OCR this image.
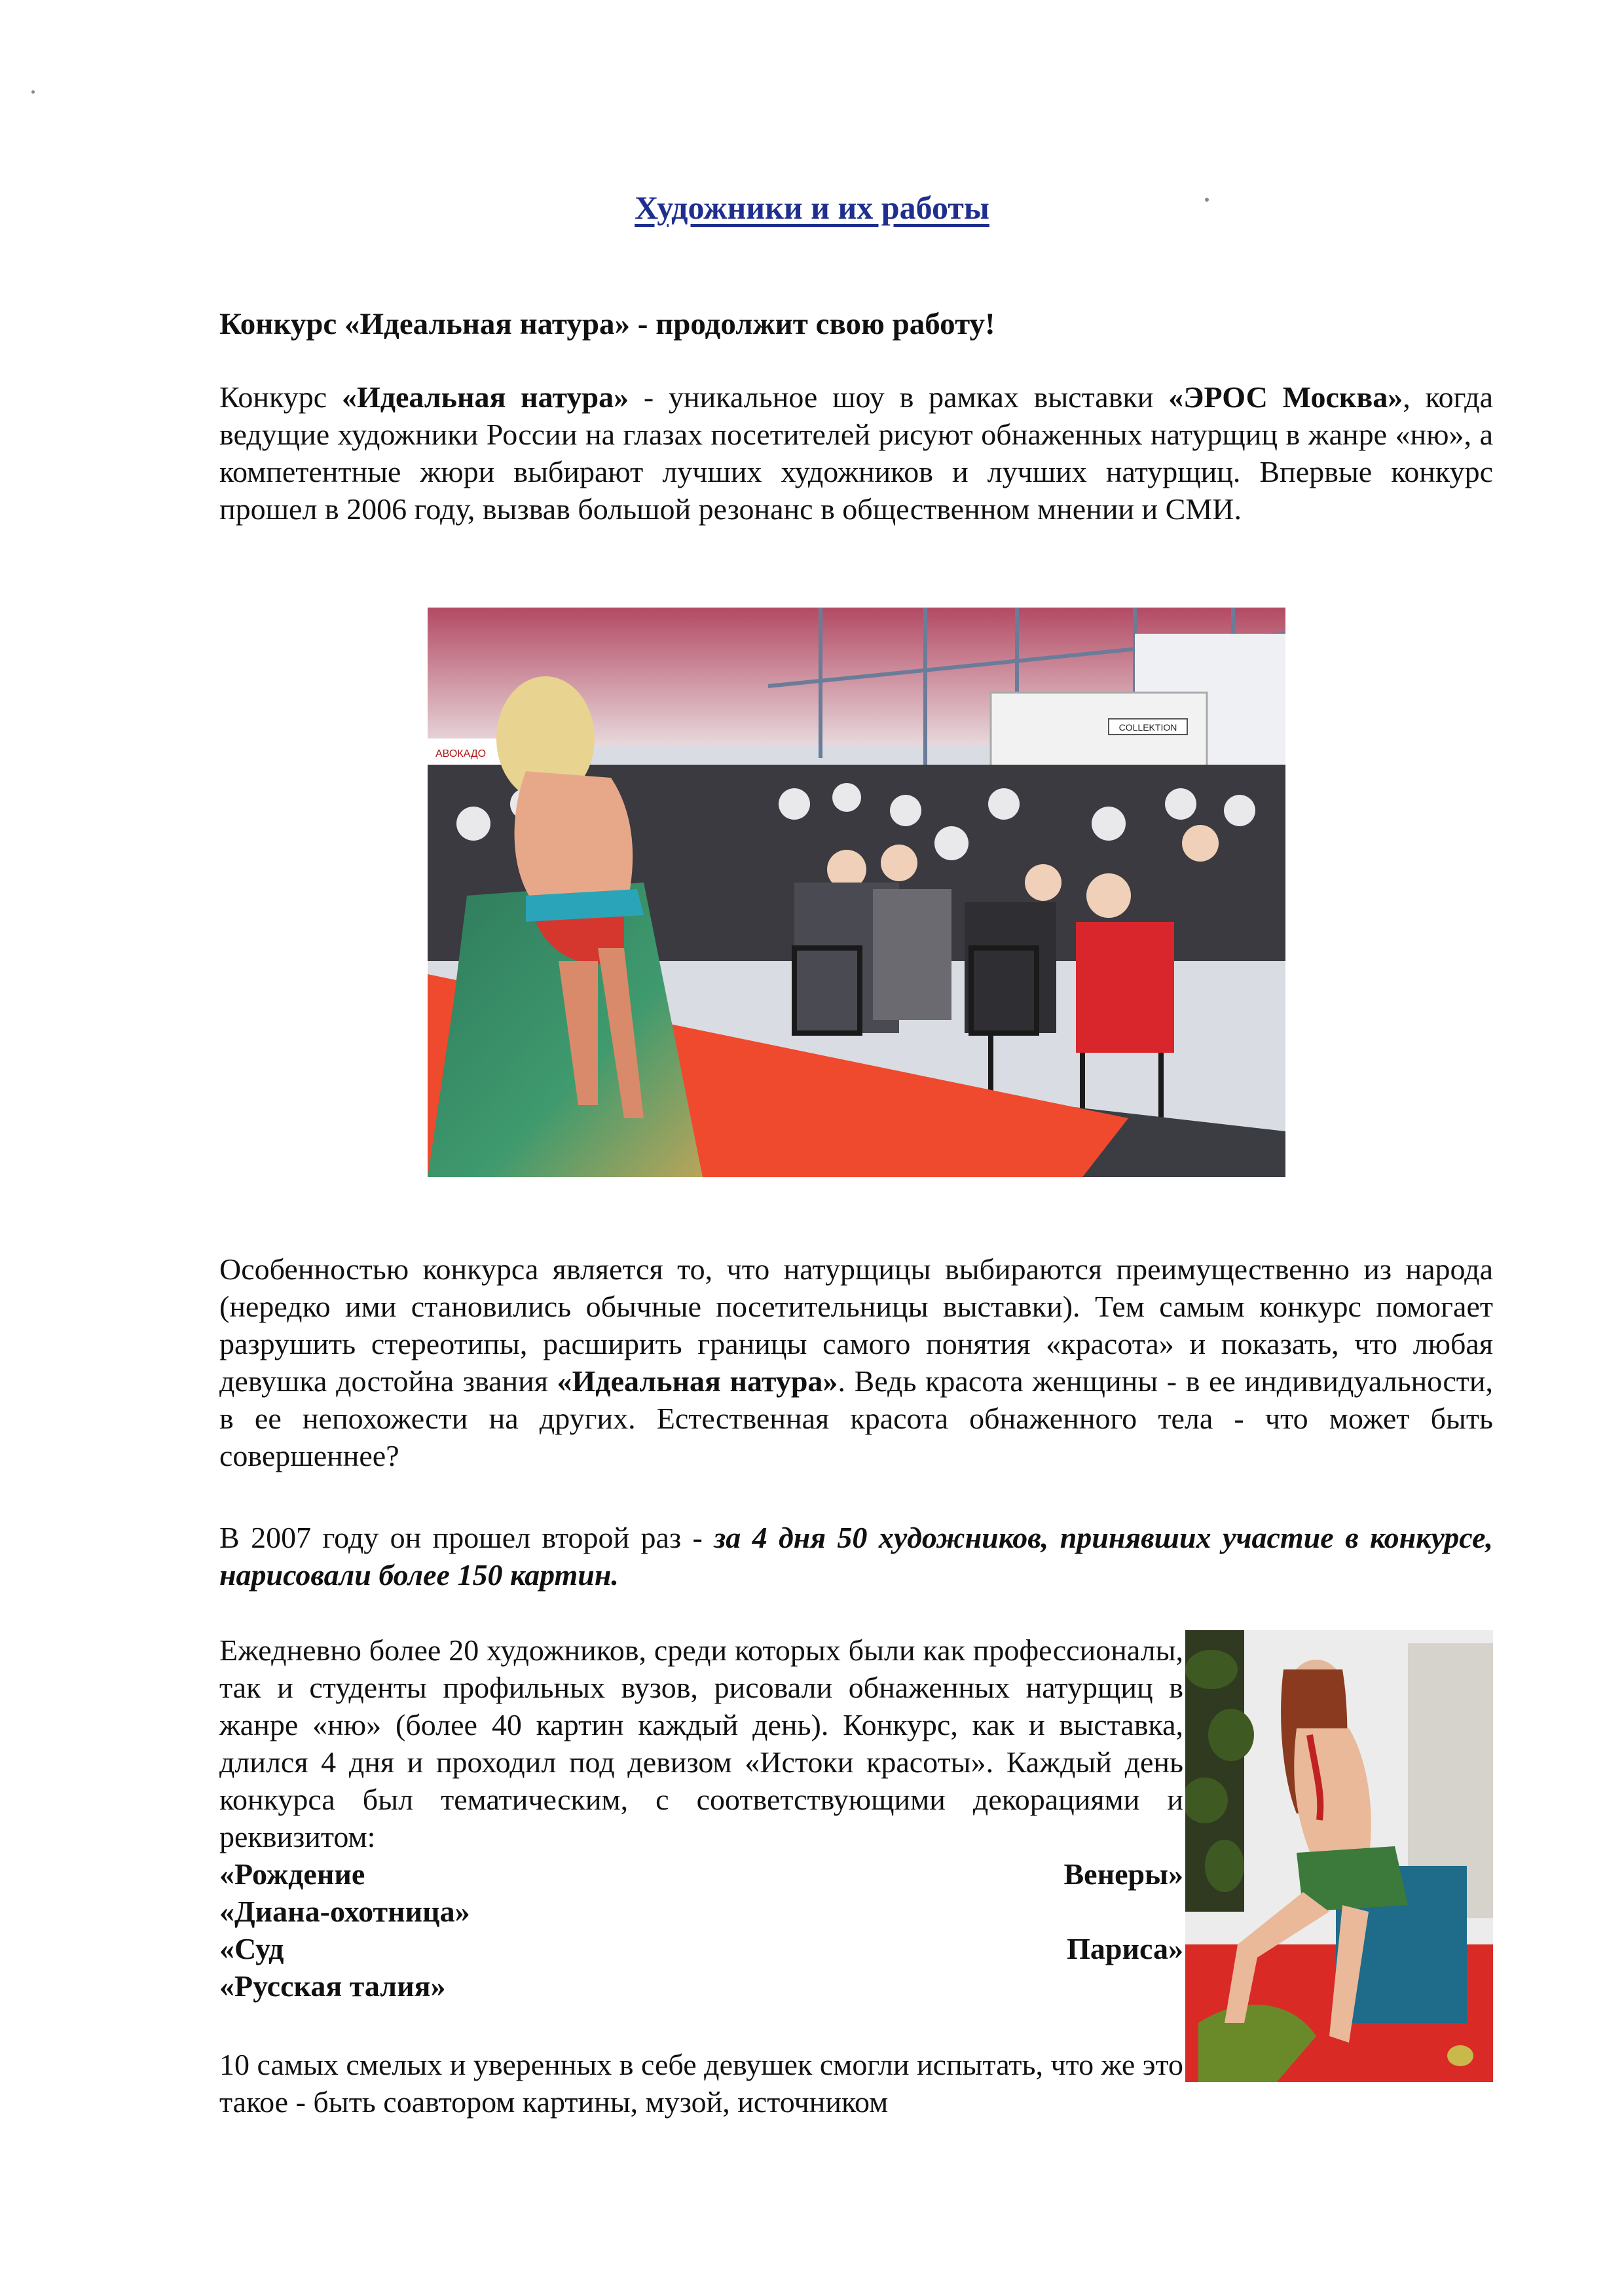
Художники и их работы
Конкурс «Идеальная натура» - продолжит свою работу!

Конкурс «Идеальная натура» - уникальное шоу в рамках выставки «ЭРОС Москва», когда ведущие художники России на глазах посетителей рисуют обнаженных натурщиц в жанре «ню», а компетентные жюри выбирают лучших художников и лучших натурщиц. Впервые конкурс прошел в 2006 году, вызвав большой резонанс в общественном мнении и СМИ.

COLLEKTION
АВОКАДО

Особенностью конкурса является то, что натурщицы выбираются преимущественно из народа (нередко ими становились обычные посетительницы выставки). Тем самым конкурс помогает разрушить стереотипы, расширить границы самого понятия «красота» и показать, что любая девушка достойна звания «Идеальная натура». Ведь красота женщины - в ее индивидуальности, в ее непохожести на других. Естественная красота обнаженного тела - что может быть совершеннее?

В 2007 году он прошел второй раз - за 4 дня 50 художников, принявших участие в конкурсе, нарисовали более 150 картин.

Ежедневно более 20 художников, среди которых были как профессионалы, так и студенты профильных вузов, рисовали обнаженных натурщиц в жанре «ню» (более 40 картин каждый день). Конкурс, как и выставка, длился 4 дня и проходил под девизом «Истоки красоты». Каждый день конкурса был тематическим, с соответствующими декорациями и реквизитом:
«Рождение Венеры»
«Диана-охотница»
«Суд Париса»
«Русская талия»

10 самых смелых и уверенных в себе девушек смогли испытать, что же это такое - быть соавтором картины, музой, источником
